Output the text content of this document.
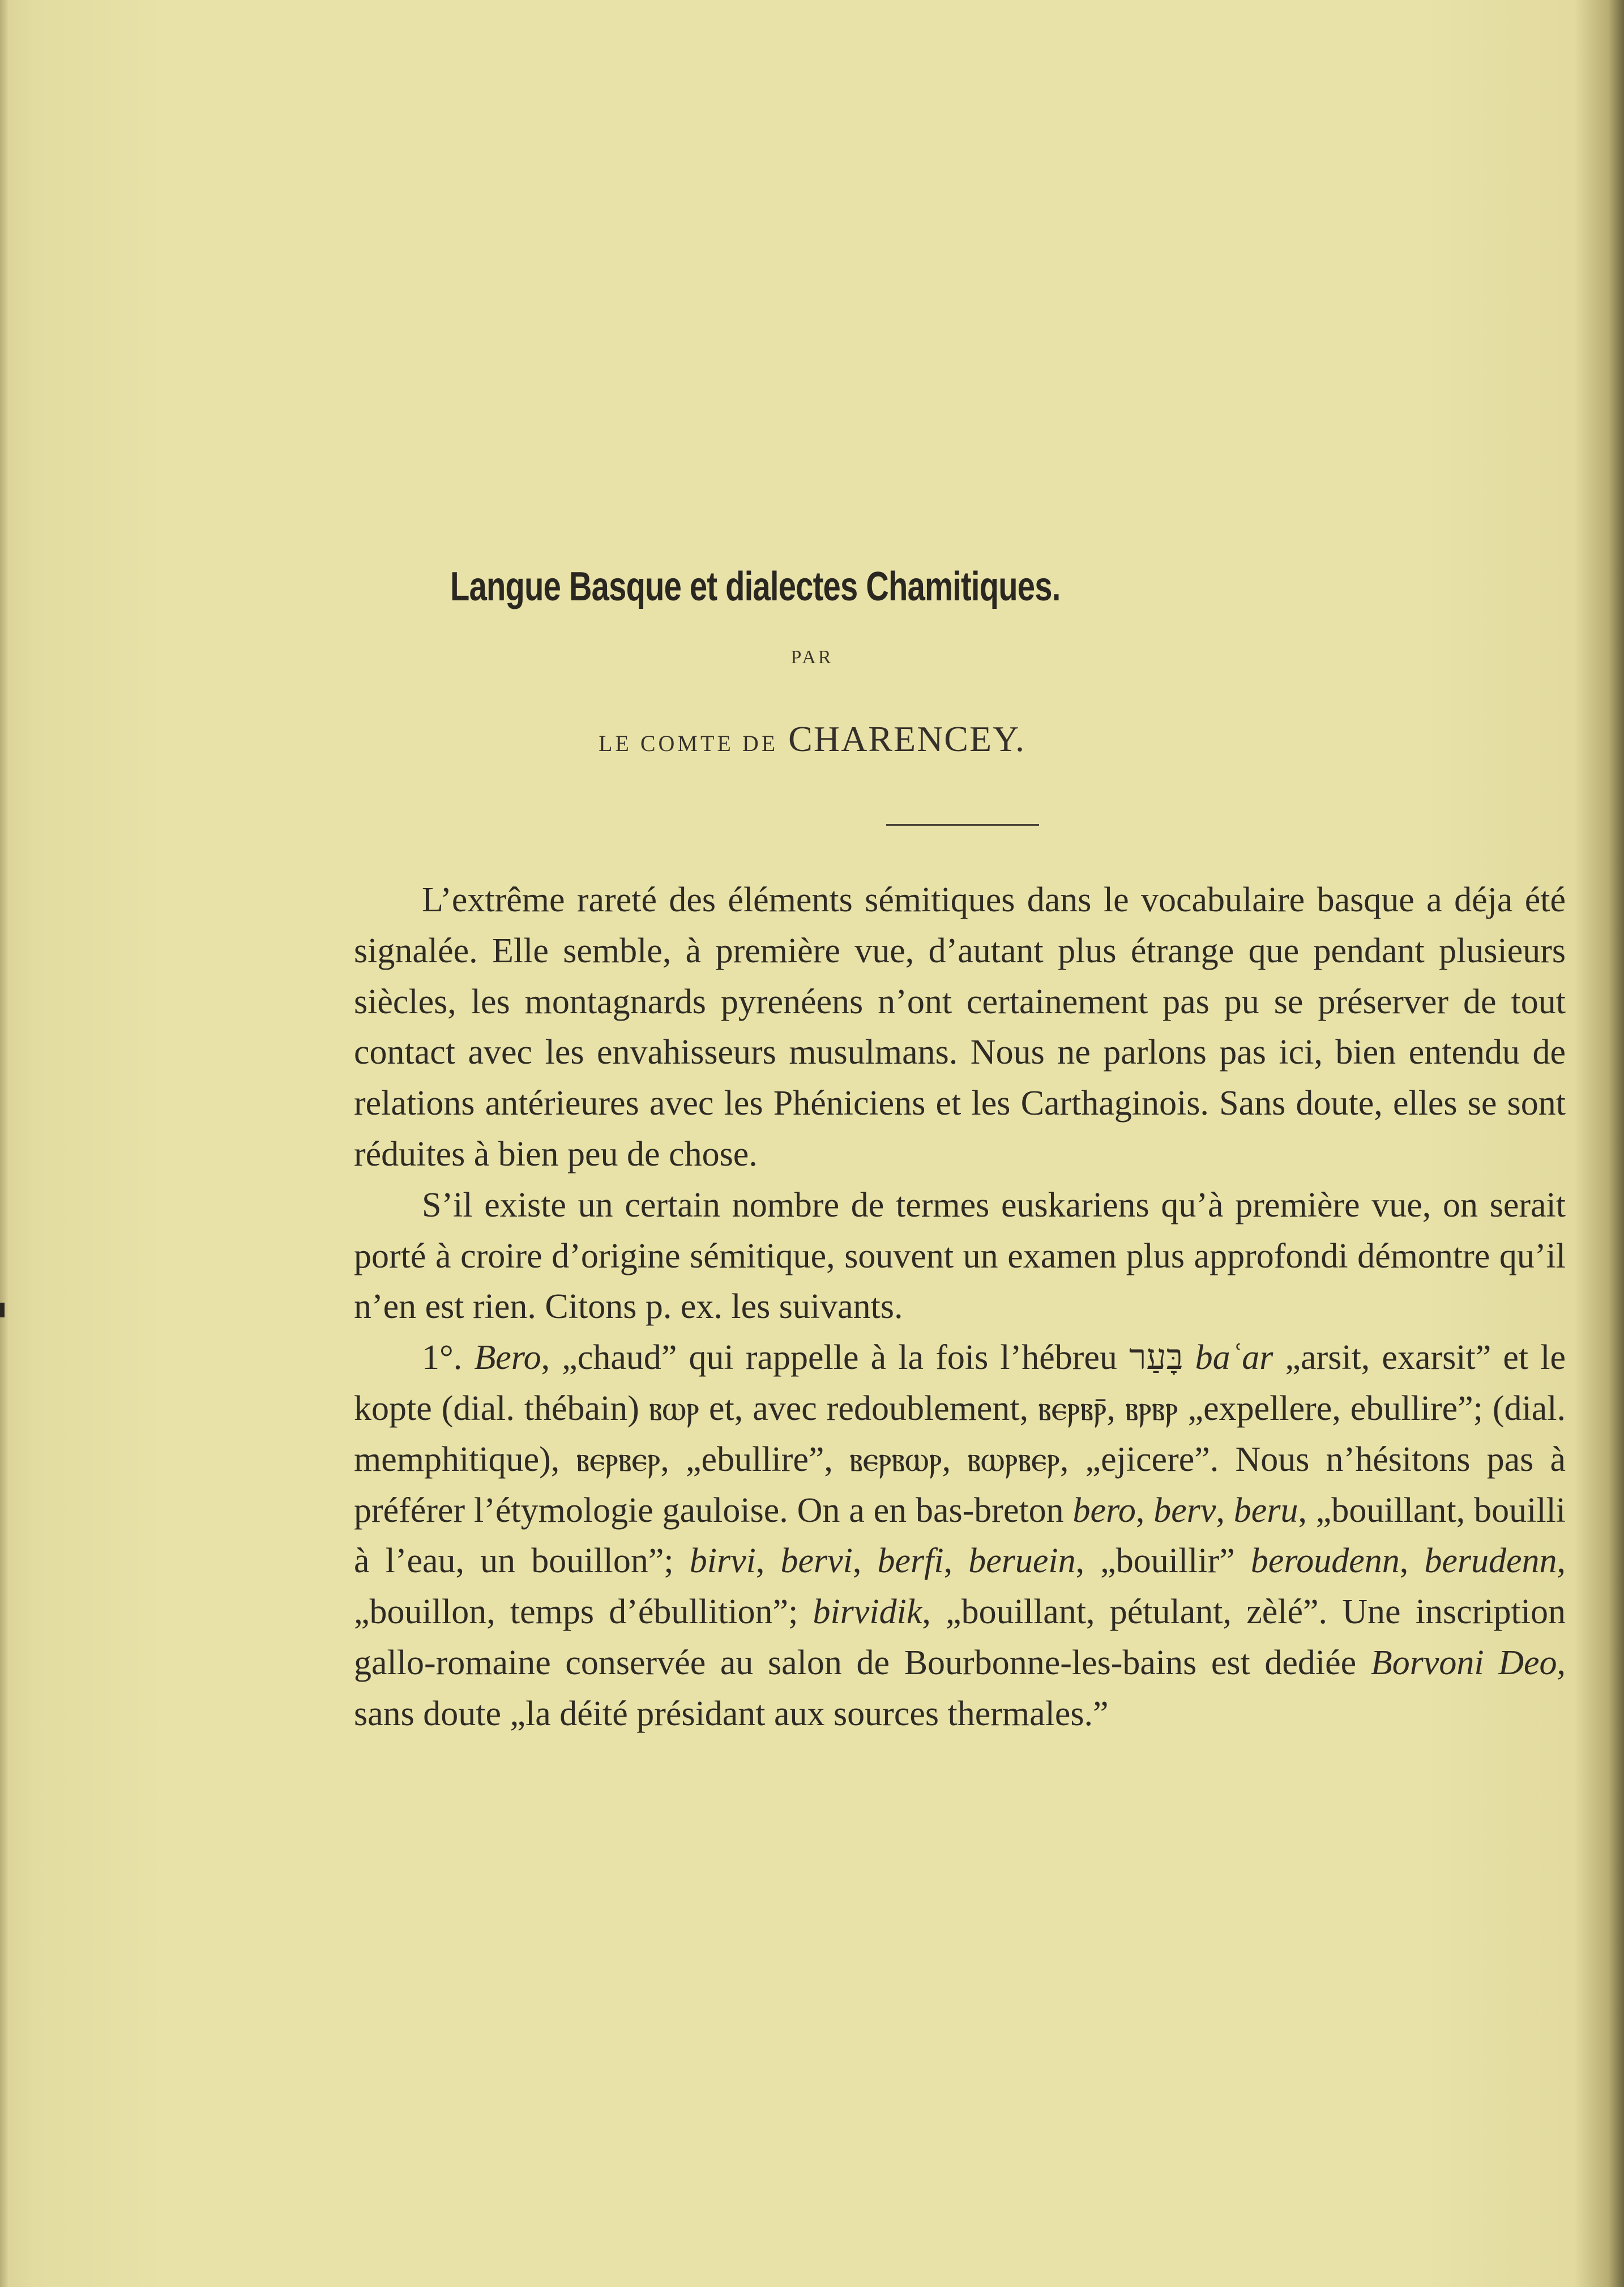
Langue Basque et dialectes Chamitiques.
PAR
LE COMTE DE CHARENCEY.

L’extrême rareté des éléments sémitiques dans le vocabulaire basque a déja été signalée. Elle semble, à première vue, d’autant plus étrange que pendant plusieurs siècles, les montagnards pyrenéens n’ont certainement pas pu se préserver de tout contact avec les envahisseurs musulmans. Nous ne parlons pas ici, bien entendu de relations antérieures avec les Phéniciens et les Carthaginois. Sans doute, elles se sont réduites à bien peu de chose.

S’il existe un certain nombre de termes euskariens qu’à première vue, on serait porté à croire d’origine sémitique, souvent un examen plus approfondi démontre qu’il n’en est rien. Citons p. ex. les suivants.

1°. Bero, „chaud” qui rappelle à la fois l’hébreu בָּעַר baʿar „arsit, exarsit” et le kopte (dial. thébain) ⲃⲱⲣ et, avec redoublement, ⲃⲉⲣⲃⲣ̄, ⲃⲣⲃⲣ „expellere, ebullire”; (dial. memphitique), ⲃⲉⲣⲃⲉⲣ, „ebullire”, ⲃⲉⲣⲃⲱⲣ, ⲃⲱⲣⲃⲉⲣ, „ejicere”. Nous n’hésitons pas à préférer l’étymologie gauloise. On a en bas-breton bero, berv, beru, „bouillant, bouilli à l’eau, un bouillon”; birvi, bervi, berfi, beruein, „bouillir” beroudenn, berudenn, „bouillon, temps d’ébullition”; birvidik, „bouillant, pétulant, zèlé”. Une inscription gallo-romaine conservée au salon de Bourbonne-les-bains est dediée Borvoni Deo, sans doute „la déité présidant aux sources thermales.”
